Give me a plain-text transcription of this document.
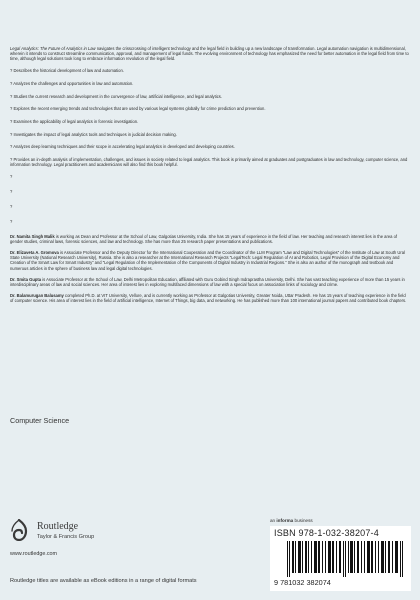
Legal Analytics: The Future of Analytics in Law navigates the crisscrossing of intelligent technology and the legal field in building up a new landscape of transformation. Legal automation navigation is multidimensional, wherein it intends to construct streamline communication, approval, and management of legal funds. The evolving environment of technology has emphasized the need for better automation in the legal field from time to time, although legal solutions took long to embrace information revolution of the legal field.

? Describes the historical development of law and automation.

? Analyzes the challenges and opportunities in law and automation.

? Studies the current research and development in the convergence of law, artificial intelligence, and legal analytics.

? Explores the recent emerging trends and technologies that are used by various legal systems globally for crime prediction and prevention.

? Examines the applicability of legal analytics in forensic investigation.

? Investigates the impact of legal analytics tools and techniques in judicial decision making.

? Analyzes deep learning techniques and their scope in accelerating legal analytics in developed and developing countries.

? Provides an in-depth analysis of implementation, challenges, and issues in society related to legal analytics. This book is primarily aimed at graduates and postgraduates in law and technology, computer science, and information technology. Legal practitioners and academicians will also find this book helpful.

?

?

?

?

Dr. Namita Singh Malik is working as Dean and Professor at the School of Law, Galgotias University, India. She has 15 years of experience in the field of law. Her teaching and research interest lies in the area of gender studies, criminal laws, forensic sciences, and law and technology. She has more than 25 research paper presentations and publications.

Dr. Elizaveta A. Gromova is Associate Professor and the Deputy Director for the International Cooperation and the Coordinator of the LLM Program “Law and Digital Technologies” of the Institute of Law at South Ural State University (National Research University), Russia. She is also a researcher at the International Research Projects “LegalTech: Legal Regulation of AI and Robotics, Legal Provision of the Digital Economy and Creation of the Smart Law for Smart Industry” and “Legal Regulation of the Implementation of the Components of Digital Industry in Industrial Regions.” She is also an author of the monograph and textbook and numerous articles in the sphere of business law and legal digital technologies.

Dr. Smita Gupta is Associate Professor at the School of Law, Delhi Metropolitan Education, affiliated with Guru Gobind Singh Indraprastha University, Delhi. She has vast teaching experience of more than 15 years in interdisciplinary areas of law and social sciences. Her area of interest lies in exploring multifaced dimensions of law with a special focus on association links of sociology and crime.

Dr. Balamurugan Balusamy completed Ph.D. at VIT University, Vellore, and is currently working as Professor at Galgotias University, Greater Noida, Uttar Pradesh. He has 15 years of teaching experience in the field of computer science. His area of interest lies in the field of artificial intelligence, Internet of Things, big data, and networking. He has published more than 100 international journal papers and contributed book chapters.

Computer Science
Routledge
Taylor & Francis Group
www.routledge.com
an informa business
ISBN 978-1-032-38207-4
9 781032 382074
Routledge titles are available as eBook editions in a range of digital formats
